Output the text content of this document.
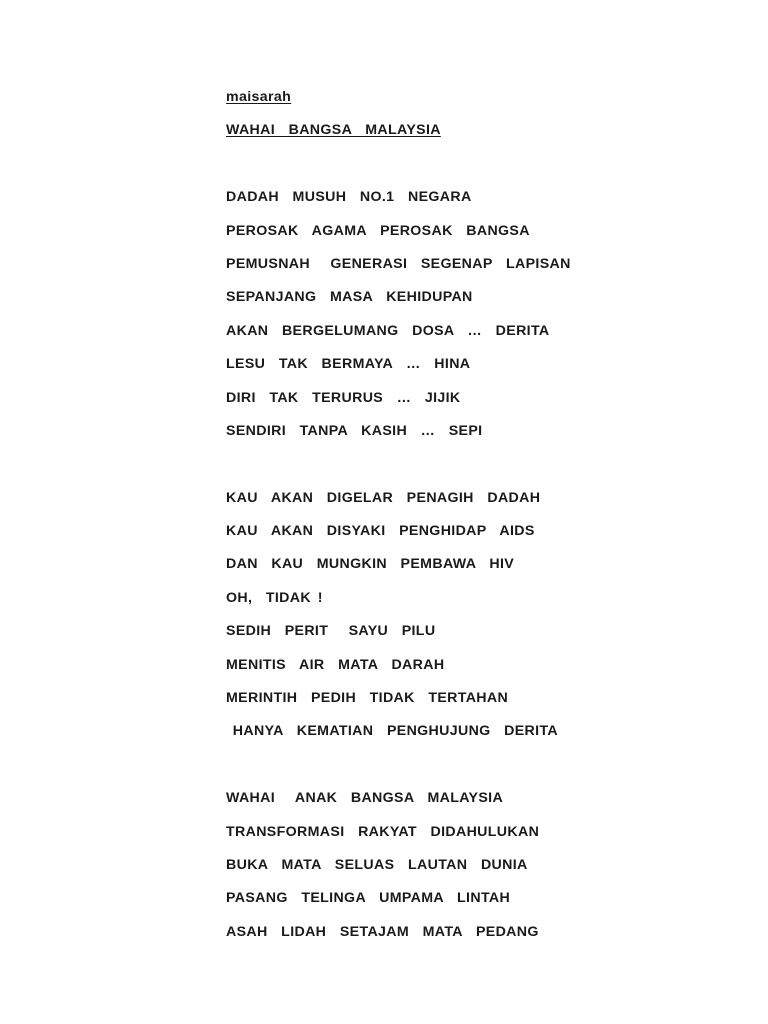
maisarah
WAHAI  BANGSA  MALAYSIA
DADAH  MUSUH  NO.1  NEGARA
PEROSAK  AGAMA  PEROSAK  BANGSA
PEMUSNAH   GENERASI  SEGENAP  LAPISAN
SEPANJANG  MASA  KEHIDUPAN
AKAN  BERGELUMANG  DOSA  …  DERITA
LESU  TAK  BERMAYA  …  HINA
DIRI  TAK  TERURUS  …  JIJIK
SENDIRI  TANPA  KASIH  …  SEPI
KAU  AKAN  DIGELAR  PENAGIH  DADAH
KAU  AKAN  DISYAKI  PENGHIDAP  AIDS
DAN  KAU  MUNGKIN  PEMBAWA  HIV
OH,  TIDAK !
SEDIH  PERIT   SAYU  PILU
MENITIS  AIR  MATA  DARAH
MERINTIH  PEDIH  TIDAK  TERTAHAN
HANYA  KEMATIAN  PENGHUJUNG  DERITA
WAHAI   ANAK  BANGSA  MALAYSIA
TRANSFORMASI  RAKYAT  DIDAHULUKAN
BUKA  MATA  SELUAS  LAUTAN  DUNIA
PASANG  TELINGA  UMPAMA  LINTAH
ASAH  LIDAH  SETAJAM  MATA  PEDANG
